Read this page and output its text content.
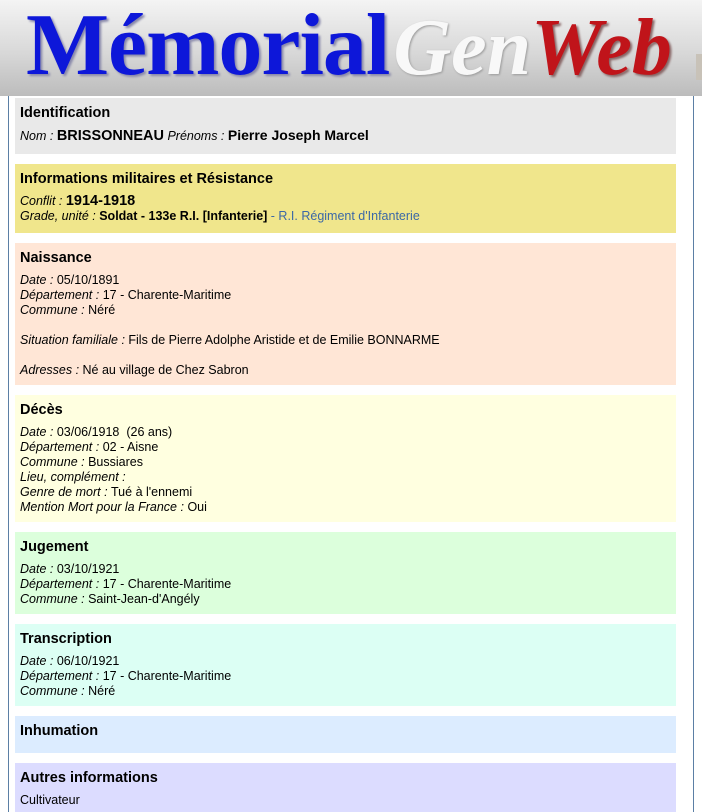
MémorialGenWeb
Identification
Nom : BRISSONNEAU Prénoms : Pierre Joseph Marcel
Informations militaires et Résistance
Conflit : 1914-1918
Grade, unité : Soldat - 133e R.I. [Infanterie] - R.I. Régiment d'Infanterie
Naissance
Date : 05/10/1891
Département : 17 - Charente-Maritime
Commune : Néré
Situation familiale : Fils de Pierre Adolphe Aristide et de Emilie BONNARME
Adresses : Né au village de Chez Sabron
Décès
Date : 03/06/1918  (26 ans)
Département : 02 - Aisne
Commune : Bussiares
Lieu, complément :
Genre de mort : Tué à l'ennemi
Mention Mort pour la France : Oui
Jugement
Date : 03/10/1921
Département : 17 - Charente-Maritime
Commune : Saint-Jean-d'Angély
Transcription
Date : 06/10/1921
Département : 17 - Charente-Maritime
Commune : Néré
Inhumation
Autres informations
Cultivateur
